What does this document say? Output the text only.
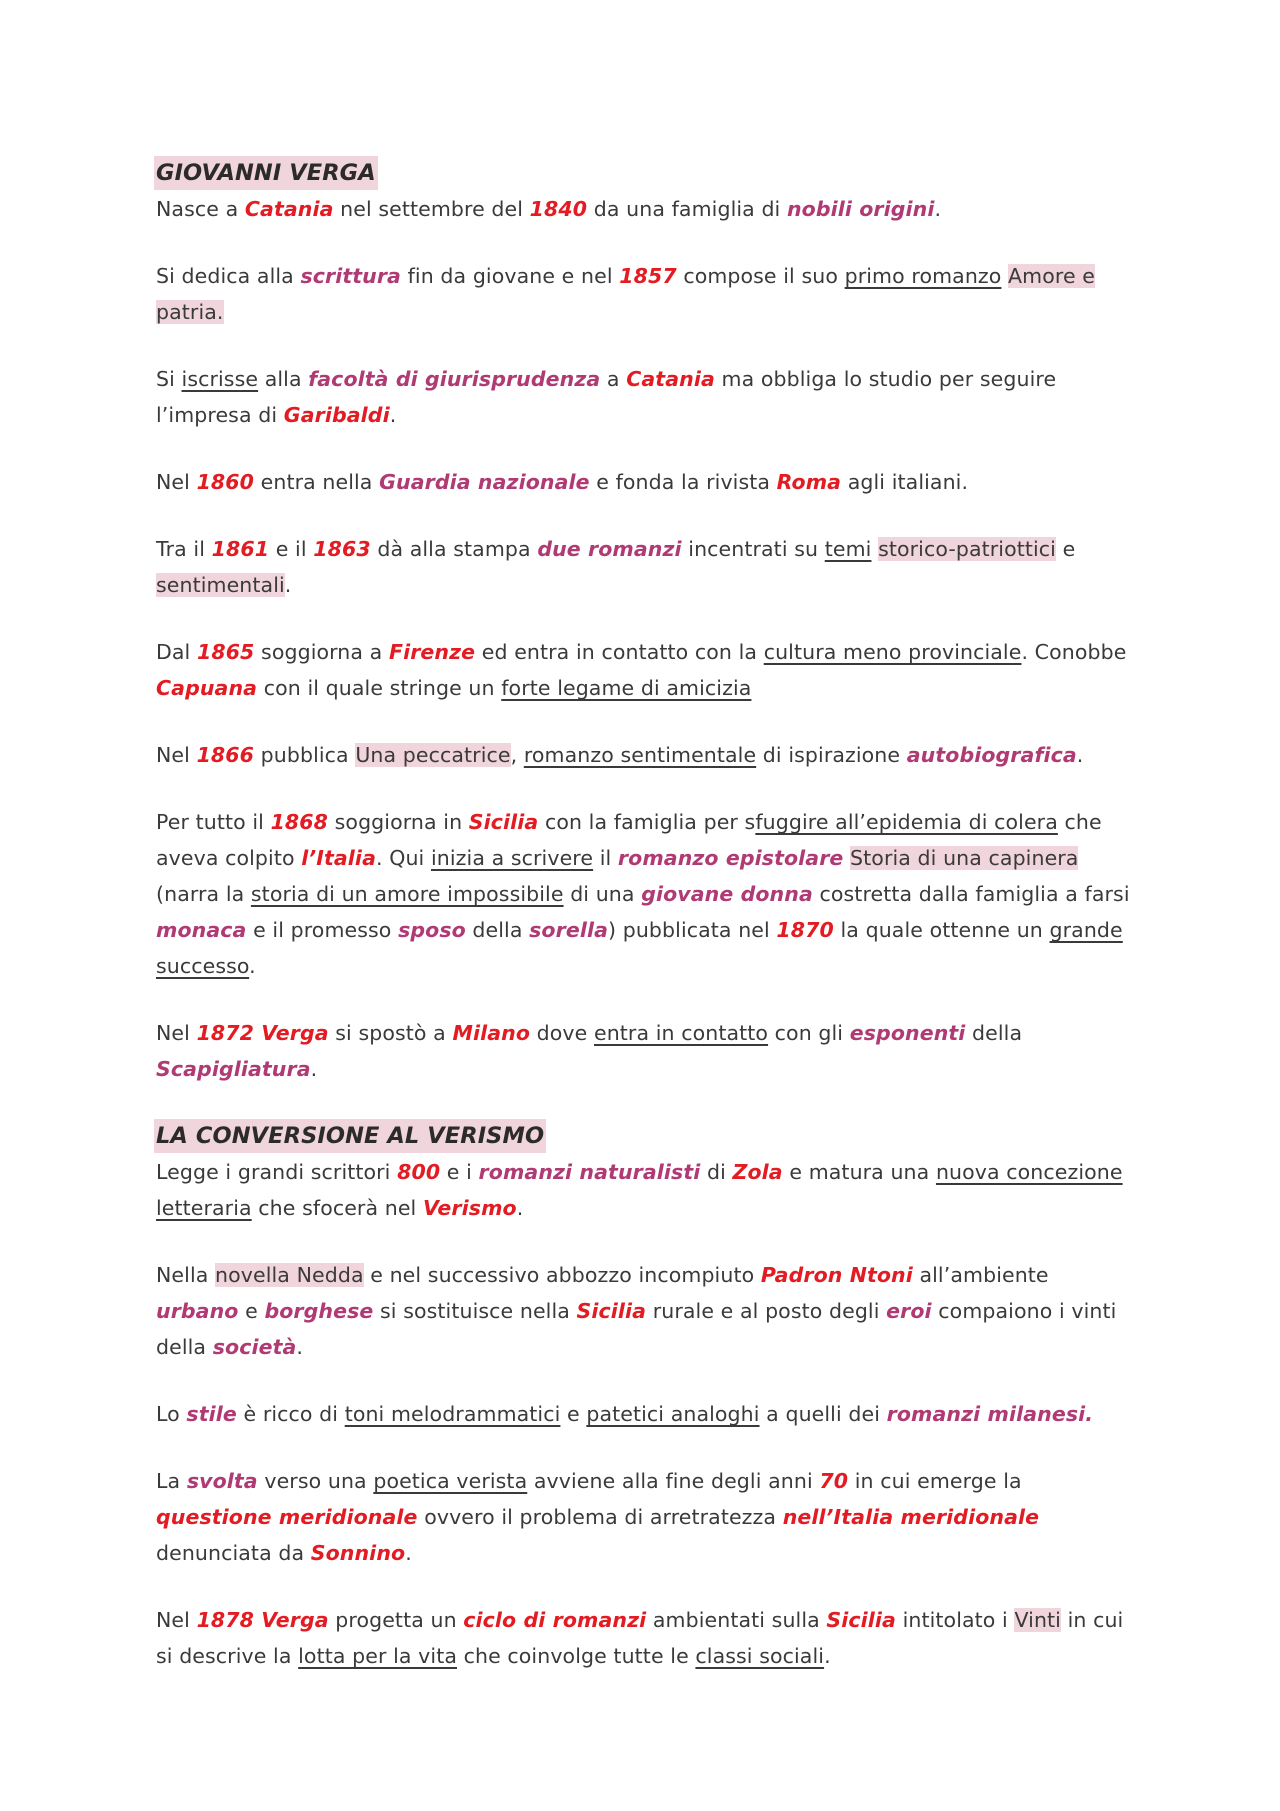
GIOVANNI VERGA

Nasce a Catania nel settembre del 1840 da una famiglia di nobili origini.

Si dedica alla scrittura fin da giovane e nel 1857 compose il suo primo romanzo Amore e patria.

Si iscrisse alla facoltà di giurisprudenza a Catania ma obbliga lo studio per seguire l’impresa di Garibaldi.

Nel 1860 entra nella Guardia nazionale e fonda la rivista Roma agli italiani.

Tra il 1861 e il 1863 dà alla stampa due romanzi incentrati su temi storico-patriottici e sentimentali.

Dal 1865 soggiorna a Firenze ed entra in contatto con la cultura meno provinciale. Conobbe Capuana con il quale stringe un forte legame di amicizia

Nel 1866 pubblica Una peccatrice, romanzo sentimentale di ispirazione autobiografica.

Per tutto il 1868 soggiorna in Sicilia con la famiglia per sfuggire all’epidemia di colera che aveva colpito l’Italia. Qui inizia a scrivere il romanzo epistolare Storia di una capinera (narra la storia di un amore impossibile di una giovane donna costretta dalla famiglia a farsi monaca e il promesso sposo della sorella) pubblicata nel 1870 la quale ottenne un grande successo.

Nel 1872 Verga si spostò a Milano dove entra in contatto con gli esponenti della Scapigliatura.

LA CONVERSIONE AL VERISMO

Legge i grandi scrittori 800 e i romanzi naturalisti di Zola e matura una nuova concezione letteraria che sfocerà nel Verismo.

Nella novella Nedda e nel successivo abbozzo incompiuto Padron Ntoni all’ambiente urbano e borghese si sostituisce nella Sicilia rurale e al posto degli eroi compaiono i vinti della società.

Lo stile è ricco di toni melodrammatici e patetici analoghi a quelli dei romanzi milanesi.

La svolta verso una poetica verista avviene alla fine degli anni 70 in cui emerge la questione meridionale ovvero il problema di arretratezza nell’Italia meridionale denunciata da Sonnino.

Nel 1878 Verga progetta un ciclo di romanzi ambientati sulla Sicilia intitolato i Vinti in cui si descrive la lotta per la vita che coinvolge tutte le classi sociali.
